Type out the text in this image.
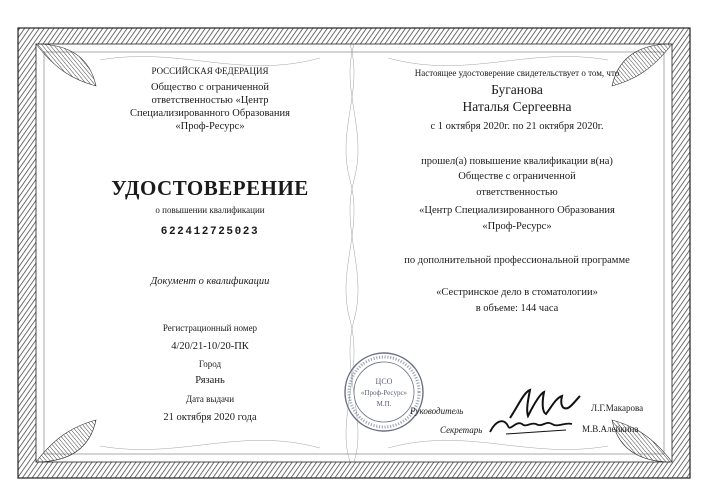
РОССИЙСКАЯ ФЕДЕРАЦИЯ
Общество с ограниченной
ответственностью «Центр
Специализированного Образования
«Проф-Ресурс»
УДОСТОВЕРЕНИЕ
о повышении квалификации
622412725023
Документ о квалификации
Регистрационный номер
4/20/21-10/20-ПК
Город
Рязань
Дата выдачи
21 октября 2020 года
Настоящее удостоверение свидетельствует о том, что
Буганова
Наталья Сергеевна
с 1 октября 2020г. по 21 октября 2020г.
прошел(а) повышение квалификации в(на)
Обществе с ограниченной
ответственностью
«Центр Специализированного Образования
«Проф-Ресурс»
по дополнительной профессиональной программе
«Сестринское дело в стоматологии»
в объеме: 144 часа
ЦСО
«Проф-Ресурс»
М.П.
Руководитель	Л.Г.Макарова
Секретарь	М.В.Алейкина
